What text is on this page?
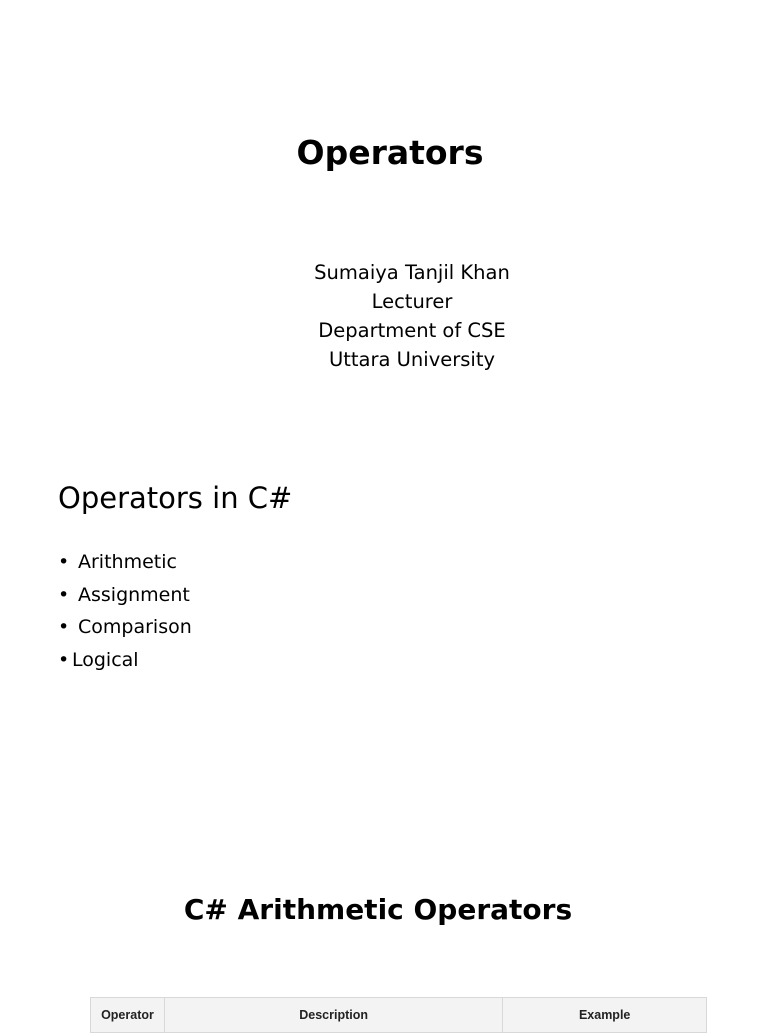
Operators
Sumaiya Tanjil Khan
Lecturer
Department of CSE
Uttara University
Operators in C#
• Arithmetic
• Assignment
• Comparison
• Logical
C# Arithmetic Operators
Operator	Description	Example
